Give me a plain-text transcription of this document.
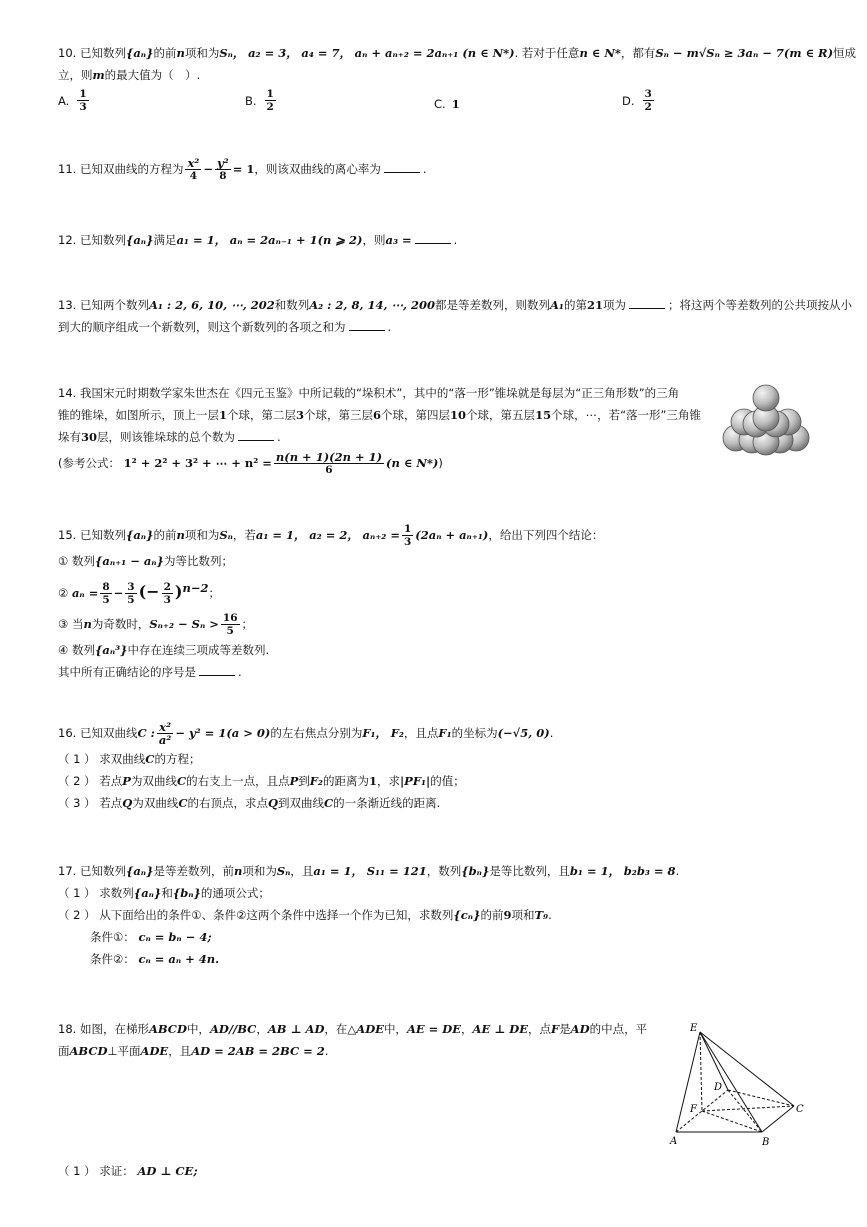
10. 已知数列{aₙ}的前n项和为Sₙ， a₂ = 3， a₄ = 7， aₙ + aₙ₊₂ = 2aₙ₊₁ (n ∈ N*). 若对于任意n ∈ N*，都有Sₙ − m√Sₙ ≥ 3aₙ − 7(m ∈ R)恒成
立，则m的最大值为（　）.
A. $\frac{1}{3}$	B. $\frac{1}{2}$	C. 1	D. $\frac{3}{2}$
11. 已知双曲线的方程为 $\frac{\text{x²}}{4} - \frac{\text{y²}}{8} = 1$，则该双曲线的离心率为	.
12. 已知数列{aₙ}满足a₁ = 1， aₙ = 2aₙ₋₁ + 1(n ⩾ 2)，则a₃ =	.
13. 已知两个数列A₁ : 2, 6, 10, ⋯, 202和数列A₂ : 2, 8, 14, ⋯, 200都是等差数列，则数列A₁的第21项为	；将这两个等差数列的公共项按从小
到大的顺序组成一个新数列，则这个新数列的各项之和为	.
14. 我国宋元时期数学家朱世杰在《四元玉鉴》中所记载的“垛积术”，其中的“落一形”锥垛就是每层为“正三角形数”的三角
锥的锥垛，如图所示，顶上一层1个球，第二层3个球，第三层6个球，第四层10个球，第五层15个球，⋯，若“落一形”三角锥
垛有30层，则该锥垛球的总个数为	.
(参考公式： 1² + 2² + 3² + ⋯ + $n^2 = \frac{n(n + 1)(2n + 1)}{6} (n$ ∈ N*))
15. 已知数列{aₙ}的前n项和为Sₙ，若a₁ = 1， a₂ = 2， $a_{n+2} = \frac{1}{3} (2a_n + a_{n+1})$，给出下列四个结论：
① 数列{aₙ₊₁ − aₙ}为等比数列；
② $a_n = \frac{8}{5} - \frac{3}{5}$ (− $\frac{2}{3} )^{n-2}$；
③ 当n为奇数时，$S_{n+2} - S_n > \frac{16}{5}$ ；
④ 数列{aₙ³}中存在连续三项成等差数列.
其中所有正确结论的序号是	.
16. 已知双曲线C : $\frac{\text{x²}}{\text{a²}} - y^2 = 1(a > 0)$的左右焦点分别为F₁， F₂，且点F₁的坐标为(−√5, 0).
（ 1 ） 求双曲线C的方程；
（ 2 ） 若点P为双曲线C的右支上一点，且点P到F₂的距离为1，求|PF₁|的值；
（ 3 ） 若点Q为双曲线C的右顶点，求点Q到双曲线C的一条渐近线的距离.
17. 已知数列{aₙ}是等差数列，前n项和为Sₙ，且a₁ = 1， S₁₁ = 121，数列{bₙ}是等比数列，且b₁ = 1， b₂b₃ = 8.
（ 1 ） 求数列{aₙ}和{bₙ}的通项公式；
（ 2 ） 从下面给出的条件①、条件②这两个条件中选择一个作为已知，求数列{cₙ}的前9项和T₉.
条件①： cₙ = bₙ − 4;
条件②： cₙ = aₙ + 4n.
18. 如图，在梯形ABCD中，AD//BC，AB ⊥ AD，在△ADE中，AE = DE，AE ⊥ DE，点F是AD的中点，平
面ABCD⊥平面ADE，且AD = 2AB = 2BC = 2.
E
D
F	C
A	B
（ 1 ） 求证： AD ⊥ CE;
